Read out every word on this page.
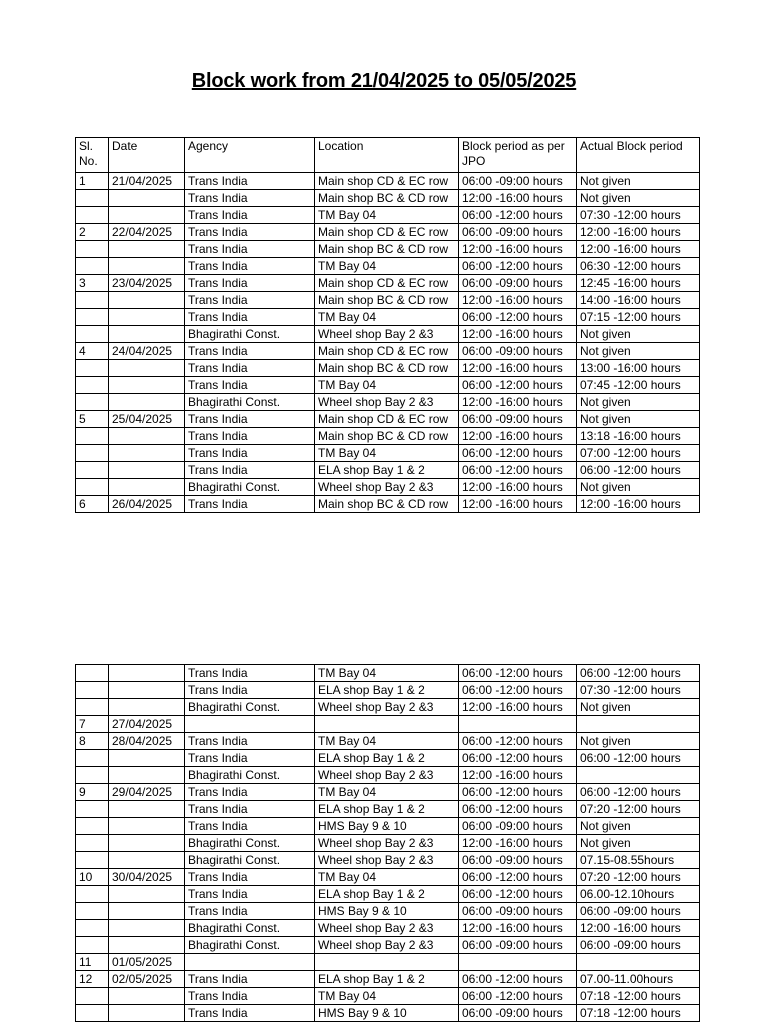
Block work from 21/04/2025 to 05/05/2025
Sl. No.	Date	Agency	Location	Block period as per JPO	Actual Block period
1	21/04/2025	Trans India	Main shop CD & EC row	06:00 -09:00 hours	Not given
		Trans India	Main shop BC & CD row	12:00 -16:00 hours	Not given
		Trans India	TM Bay 04	06:00 -12:00 hours	07:30 -12:00 hours
2	22/04/2025	Trans India	Main shop CD & EC row	06:00 -09:00 hours	12:00 -16:00 hours
		Trans India	Main shop BC & CD row	12:00 -16:00 hours	12:00 -16:00 hours
		Trans India	TM Bay 04	06:00 -12:00 hours	06:30 -12:00 hours
3	23/04/2025	Trans India	Main shop CD & EC row	06:00 -09:00 hours	12:45 -16:00 hours
		Trans India	Main shop BC & CD row	12:00 -16:00 hours	14:00 -16:00 hours
		Trans India	TM Bay 04	06:00 -12:00 hours	07:15 -12:00 hours
		Bhagirathi Const.	Wheel shop Bay 2 &3	12:00 -16:00 hours	Not given
4	24/04/2025	Trans India	Main shop CD & EC row	06:00 -09:00 hours	Not given
		Trans India	Main shop BC & CD row	12:00 -16:00 hours	13:00 -16:00 hours
		Trans India	TM Bay 04	06:00 -12:00 hours	07:45 -12:00 hours
		Bhagirathi Const.	Wheel shop Bay 2 &3	12:00 -16:00 hours	Not given
5	25/04/2025	Trans India	Main shop CD & EC row	06:00 -09:00 hours	Not given
		Trans India	Main shop BC & CD row	12:00 -16:00 hours	13:18 -16:00 hours
		Trans India	TM Bay 04	06:00 -12:00 hours	07:00 -12:00 hours
		Trans India	ELA shop Bay 1 & 2	06:00 -12:00 hours	06:00 -12:00 hours
		Bhagirathi Const.	Wheel shop Bay 2 &3	12:00 -16:00 hours	Not given
6	26/04/2025	Trans India	Main shop BC & CD row	12:00 -16:00 hours	12:00 -16:00 hours
		Trans India	TM Bay 04	06:00 -12:00 hours	06:00 -12:00 hours
		Trans India	ELA shop Bay 1 & 2	06:00 -12:00 hours	07:30 -12:00 hours
		Bhagirathi Const.	Wheel shop Bay 2 &3	12:00 -16:00 hours	Not given
7	27/04/2025				
8	28/04/2025	Trans India	TM Bay 04	06:00 -12:00 hours	Not given
		Trans India	ELA shop Bay 1 & 2	06:00 -12:00 hours	06:00 -12:00 hours
		Bhagirathi Const.	Wheel shop Bay 2 &3	12:00 -16:00 hours	
9	29/04/2025	Trans India	TM Bay 04	06:00 -12:00 hours	06:00 -12:00 hours
		Trans India	ELA shop Bay 1 & 2	06:00 -12:00 hours	07:20 -12:00 hours
		Trans India	HMS Bay 9 & 10	06:00 -09:00 hours	Not given
		Bhagirathi Const.	Wheel shop Bay 2 &3	12:00 -16:00 hours	Not given
		Bhagirathi Const.	Wheel shop Bay 2 &3	06:00 -09:00 hours	07.15-08.55hours
10	30/04/2025	Trans India	TM Bay 04	06:00 -12:00 hours	07:20 -12:00 hours
		Trans India	ELA shop Bay 1 & 2	06:00 -12:00 hours	06.00-12.10hours
		Trans India	HMS Bay 9 & 10	06:00 -09:00 hours	06:00 -09:00 hours
		Bhagirathi Const.	Wheel shop Bay 2 &3	12:00 -16:00 hours	12:00 -16:00 hours
		Bhagirathi Const.	Wheel shop Bay 2 &3	06:00 -09:00 hours	06:00 -09:00 hours
11	01/05/2025				
12	02/05/2025	Trans India	ELA shop Bay 1 & 2	06:00 -12:00 hours	07.00-11.00hours
		Trans India	TM Bay 04	06:00 -12:00 hours	07:18 -12:00 hours
		Trans India	HMS Bay 9 & 10	06:00 -09:00 hours	07:18 -12:00 hours
